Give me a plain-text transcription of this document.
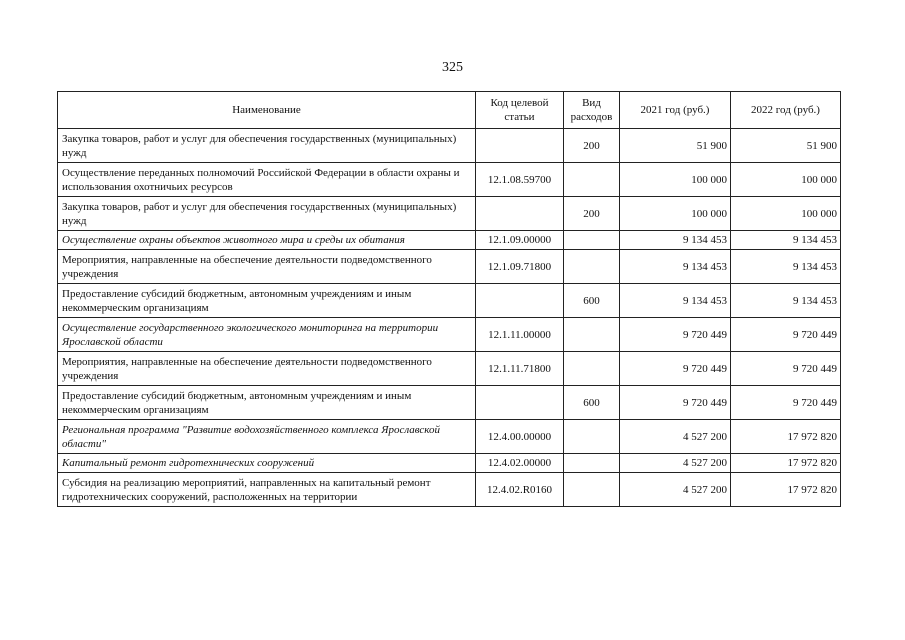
325
Наименование	Код целевой статьи	Вид расходов	2021 год (руб.)	2022 год (руб.)
Закупка товаров, работ и услуг для обеспечения государственных (муниципальных) нужд		200	51 900	51 900
Осуществление переданных полномочий Российской Федерации в области охраны и использования охотничьих ресурсов	12.1.08.59700		100 000	100 000
Закупка товаров, работ и услуг для обеспечения государственных (муниципальных) нужд		200	100 000	100 000
Осуществление охраны объектов животного мира и среды их обитания	12.1.09.00000		9 134 453	9 134 453
Мероприятия, направленные на обеспечение деятельности подведомственного учреждения	12.1.09.71800		9 134 453	9 134 453
Предоставление субсидий бюджетным, автономным учреждениям и иным некоммерческим организациям		600	9 134 453	9 134 453
Осуществление государственного экологического мониторинга на территории Ярославской области	12.1.11.00000		9 720 449	9 720 449
Мероприятия, направленные на обеспечение деятельности подведомственного учреждения	12.1.11.71800		9 720 449	9 720 449
Предоставление субсидий бюджетным, автономным учреждениям и иным некоммерческим организациям		600	9 720 449	9 720 449
Региональная программа "Развитие водохозяйственного комплекса Ярославской области"	12.4.00.00000		4 527 200	17 972 820
Капитальный ремонт гидротехнических сооружений	12.4.02.00000		4 527 200	17 972 820
Субсидия на реализацию мероприятий, направленных на капитальный ремонт гидротехнических сооружений, расположенных на территории	12.4.02.R0160		4 527 200	17 972 820
